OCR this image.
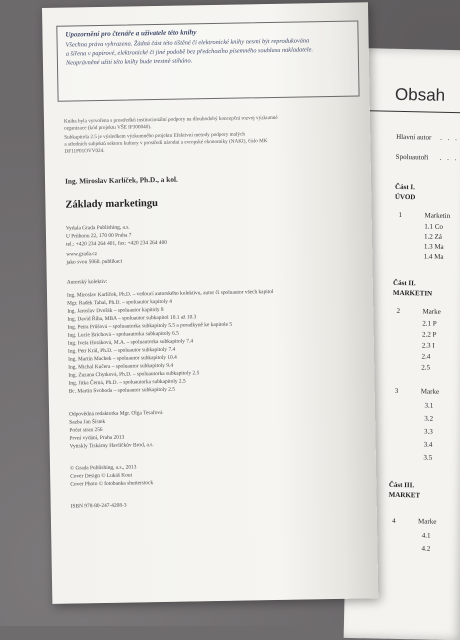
Obsah
Hlavní autor . . .
Spoluautoři . . .
Část I.
ÚVOD
1	Marketin
1.1 Co
1.2 Zá
1.3 Ma
1.4 Ma
Část II.
MARKETIN
2	Marke
2.1 P
2.2 P
2.3 I
2.4
2.5
3	Marke
3.1
3.2
3.3
3.4
3.5
Část III.
MARKET
4	Marke
4.1
4.2
Upozornění pro čtenáře a uživatele této knihy
Všechna práva vyhrazena. Žádná část této tištěné či elektronické knihy nesmí být reprodukována
a šířena v papírové, elektronické či jiné podobě bez předchozího písemného souhlasu nakladatele.
Neoprávněné užití této knihy bude trestně stíháno.
Kniha byla vytvořena s prostředků institucionální podpory na dlouhodobý koncepční rozvoj výzkumné
organizace (kód projektu VŠE IP300040).
Subkapitola 2.5 je výsledkem výzkumného projektu Efektivní metody podpory malých
a středních subjektů sektoru kultury v prostředí národní a evropské ekonomiky (NAKI), číslo MK
DF11P01OVV024.
Ing. Miroslav Karlíček, Ph.D., a kol.
Základy marketingu
Vydala Grada Publishing, a.s.
U Průhonu 22, 170 00 Praha 7
tel.: +420 234 264 401, fax: +420 234 264 400
www.grada.cz
jako svou 5060. publikaci
Autorský kolektiv:
Ing. Miroslav Karlíček, Ph.D. – vedoucí autorského kolektivu, autor či spoluautor všech kapitol
Mgr. Radek Tahal, Ph.D. – spoluautor kapitoly 4
Ing. Jaroslav Dvořák – spoluautor kapitoly 8
Ing. David Říha, MBA – spoluautor subkapitol 10.1 až 10.3
Ing. Petra Průšová – spoluautorka subkapitoly 5.5 a poradkyně ke kapitole 5
Ing. Lucie Brichová – spoluautorka subkapitoly 6.5
Ing. Iveta Horáková, M.A. – spoluautorka subkapitoly 7.4
Ing. Petr Král, Ph.D. – spoluautor subkapitoly 7.4
Ing. Martin Machek – spoluautor subkapitoly 10.4
Ing. Michal Kučera – spoluautor subkapitoly 9.4
Ing. Zuzana Chytková, Ph.D. – spoluautorka subkapitoly 2.5
Ing. Jitka Černá, Ph.D. – spoluautorka subkapitoly 2.5
Bc. Martin Svoboda – spoluautor subkapitoly 2.5
Odpovědná redaktorka Mgr. Olga Tesařová
Sazba Jan Šístek
Počet stran 256
První vydání, Praha 2013
Vytiskly Tiskárny Havlíčkův Brod, a.s.
© Grada Publishing, a.s., 2013
Cover Design © Lukáš Kout
Cover Photo © fotobanka shutterstock
ISBN 978-80-247-4208-3
